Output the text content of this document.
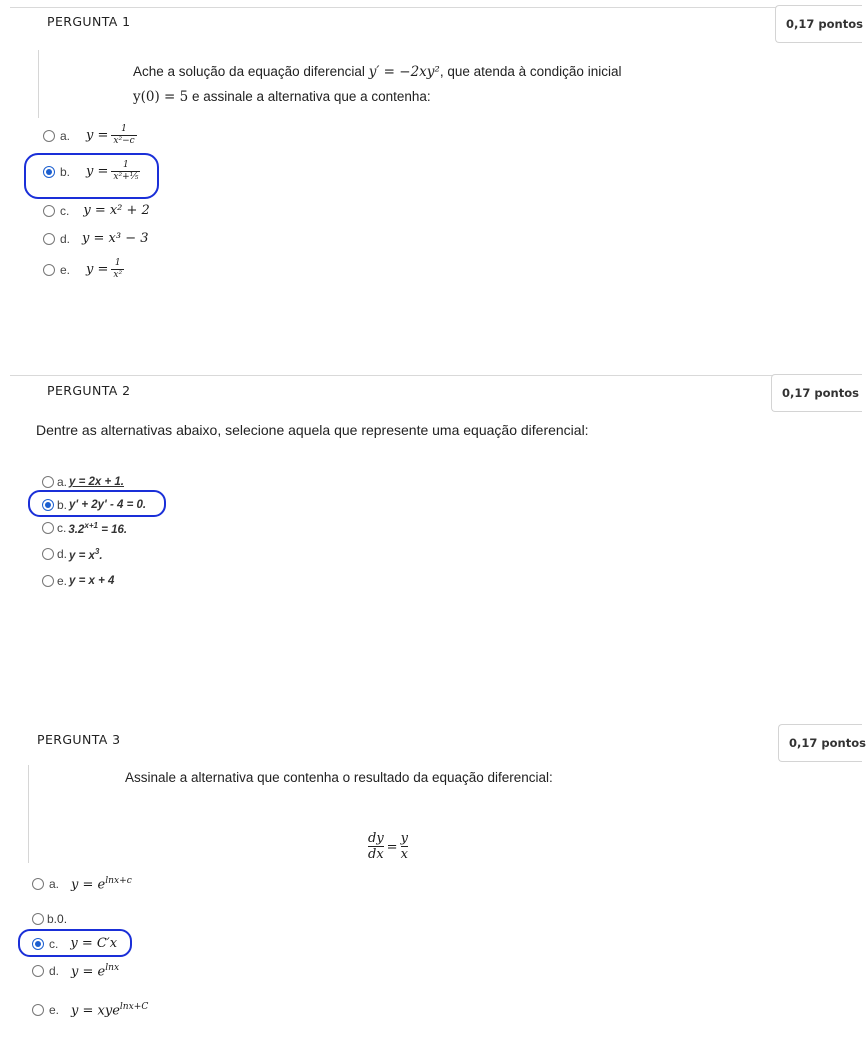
PERGUNTA 1	0,17 pontos
Ache a solução da equação diferencial y′ = −2xy², que atenda à condição inicial
y(0) = 5 e assinale a alternativa que a contenha:
a. $y = \frac{1}{\text{x²−c}}$
b. $y = \frac{1}{\text{x²+⅕}}$
c. y = x² + 2
d. y = x³ − 3
e. $y = \frac{1}{\text{x²}}$
PERGUNTA 2	0,17 pontos
Dentre as alternativas abaixo, selecione aquela que represente uma equação diferencial:
a. y = 2x + 1.
b. y' + 2y' - 4 = 0.
c. $3.2^{x+1} = 16$.
d. $y = x^3$.
e. y = x + 4
PERGUNTA 3	0,17 pontos
Assinale a alternativa que contenha o resultado da equação diferencial:
$\frac{dy}{dx} = \frac{y}{x}$
a. $y = e^{lnx+c}$
b. 0.
c. y = C′x
d. $y = e^{lnx}$
e. y = xye$^{lnx+C}$
